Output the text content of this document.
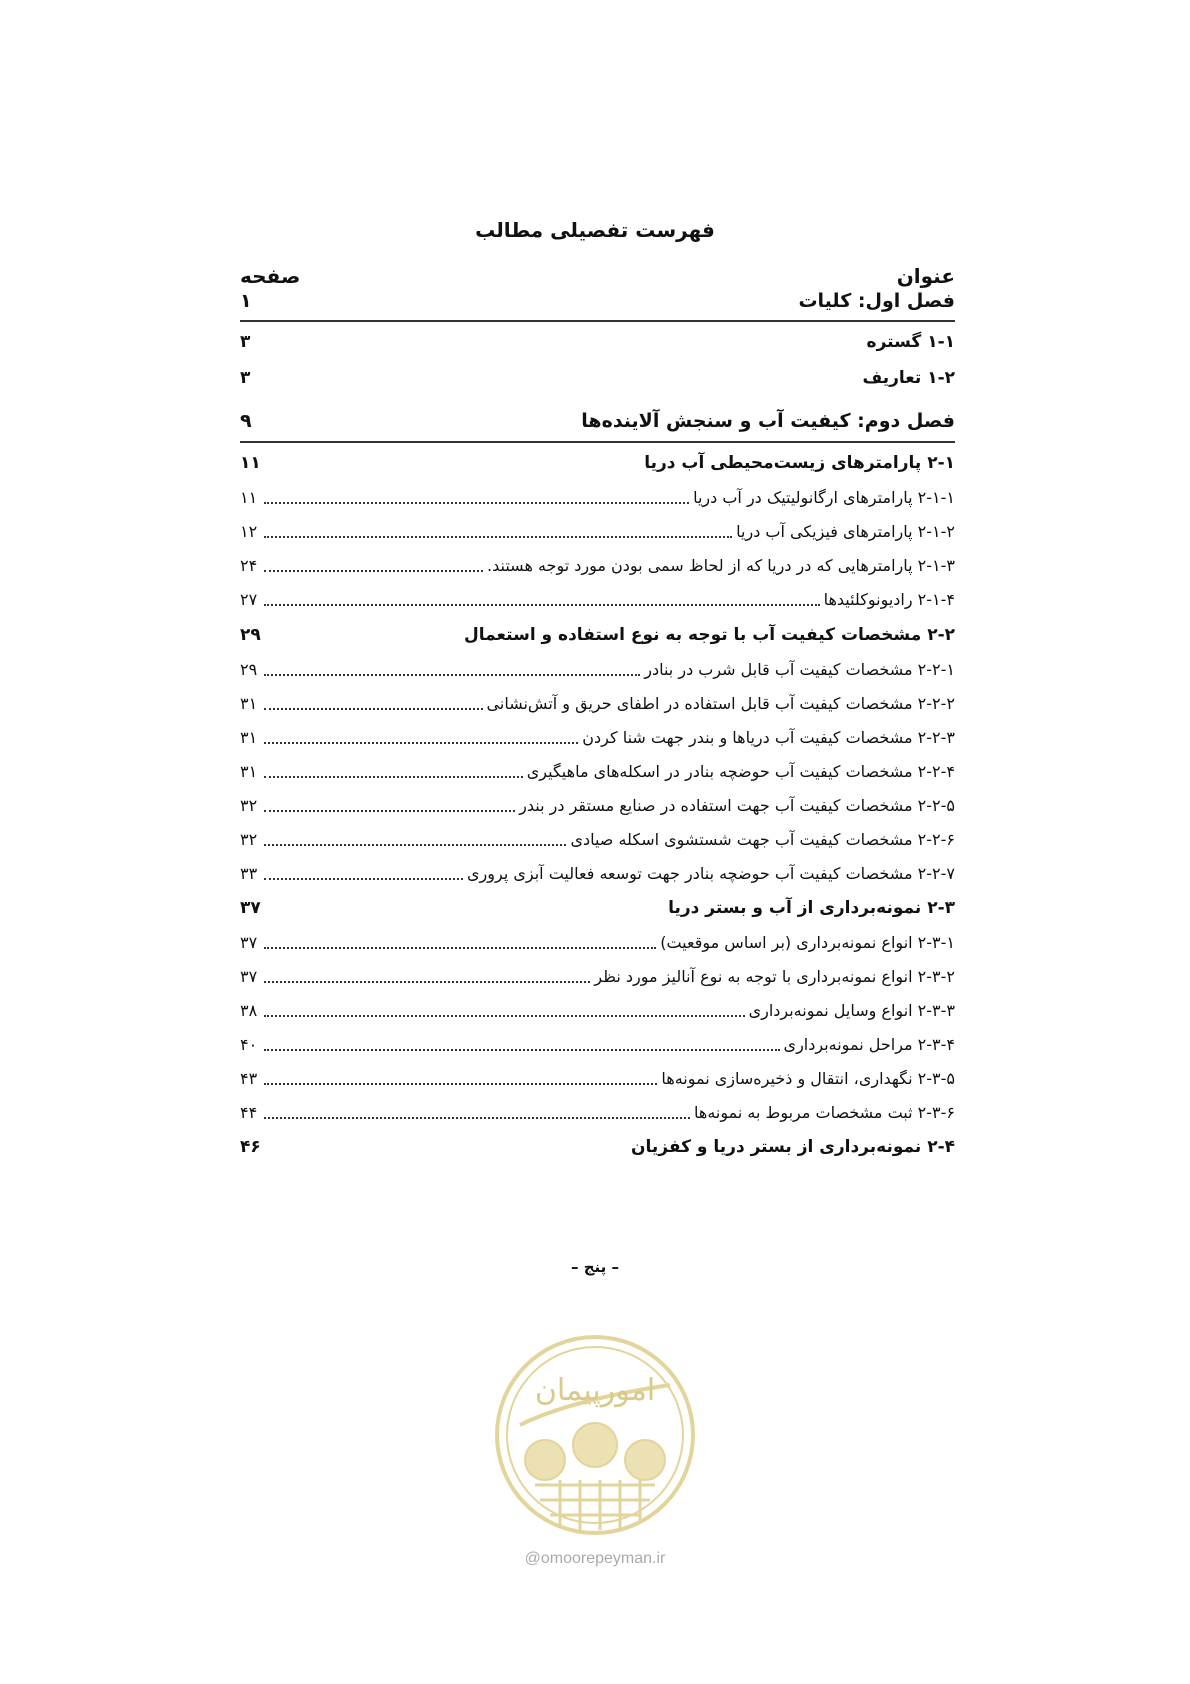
فهرست تفصیلی مطالب
عنوان
صفحه
فصل اول: کلیات
۱
۱-۱ گستره
۳
۱-۲ تعاریف
۳
فصل دوم: کیفیت آب و سنجش آلاینده‌ها
۹
۲-۱ پارامترهای زیست‌محیطی آب دریا
۱۱
۲-۱-۱ پارامترهای ارگانولیتیک در آب دریا
۱۱
۲-۱-۲ پارامترهای فیزیکی آب دریا
۱۲
۲-۱-۳ پارامترهایی که در دریا که از لحاظ سمی بودن مورد توجه هستند.
۲۴
۲-۱-۴ رادیونوکلئیدها
۲۷
۲-۲ مشخصات کیفیت آب با توجه به نوع استفاده و استعمال
۲۹
۲-۲-۱ مشخصات کیفیت آب قابل شرب در بنادر
۲۹
۲-۲-۲ مشخصات کیفیت آب قابل استفاده در اطفای حریق و آتش‌نشانی
۳۱
۲-۲-۳ مشخصات کیفیت آب دریاها و بندر جهت شنا کردن
۳۱
۲-۲-۴ مشخصات کیفیت آب حوضچه بنادر در اسکله‌های ماهیگیری
۳۱
۲-۲-۵ مشخصات کیفیت آب جهت استفاده در صنایع مستقر در بندر
۳۲
۲-۲-۶ مشخصات کیفیت آب جهت شستشوی اسکله صیادی
۳۲
۲-۲-۷ مشخصات کیفیت آب حوضچه بنادر جهت توسعه فعالیت آبزی پروری
۳۳
۲-۳ نمونه‌برداری از آب و بستر دریا
۳۷
۲-۳-۱ انواع نمونه‌برداری (بر اساس موقعیت)
۳۷
۲-۳-۲ انواع نمونه‌برداری با توجه به نوع آنالیز مورد نظر
۳۷
۲-۳-۳ انواع وسایل نمونه‌برداری
۳۸
۲-۳-۴ مراحل نمونه‌برداری
۴۰
۲-۳-۵ نگهداری، انتقال و ذخیره‌سازی نمونه‌ها
۴۳
۲-۳-۶ ثبت مشخصات مربوط به نمونه‌ها
۴۴
۲-۴ نمونه‌برداری از بستر دریا و کفزیان
۴۶
– پنج –
امورپیمان
@omoorepeyman.ir
